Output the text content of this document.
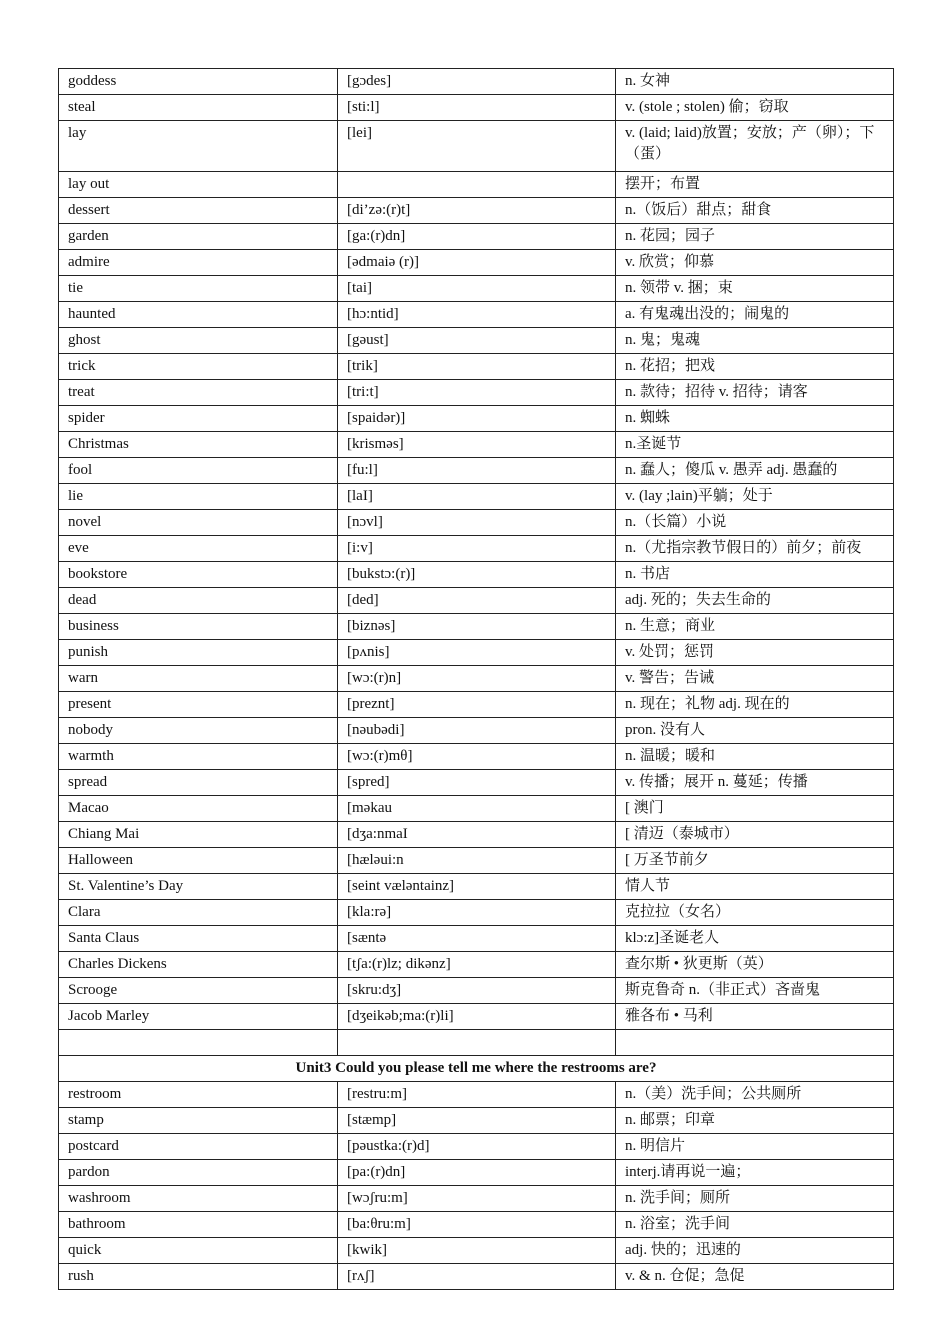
goddess	[gɔdes]	n. 女神
steal	[sti:l]	v. (stole ; stolen) 偷；窃取
lay	[lei]	v. (laid; laid)放置；安放；产（卵）；下（蛋）
lay out		摆开；布置
dessert	[di’zə:(r)t]	n.（饭后）甜点；甜食
garden	[ga:(r)dn]	n. 花园；园子
admire	[ədmaiə (r)]	v. 欣赏；仰慕
tie	[tai]	n. 领带 v. 捆；束
haunted	[hɔ:ntid]	a. 有鬼魂出没的；闹鬼的
ghost	[gəust]	n. 鬼；鬼魂
trick	[trik]	n. 花招；把戏
treat	[tri:t]	n. 款待；招待 v. 招待；请客
spider	[spaidər)]	n. 蜘蛛
Christmas	[krisməs]	n.圣诞节
fool	[fu:l]	n. 蠢人；傻瓜 v. 愚弄 adj. 愚蠢的
lie	[laI]	v. (lay ;lain)平躺；处于
novel	[nɔvl]	n.（长篇）小说
eve	[i:v]	n.（尤指宗教节假日的）前夕；前夜
bookstore	[bukstɔ:(r)]	n. 书店
dead	[ded]	adj. 死的；失去生命的
business	[biznəs]	n. 生意；商业
punish	[pʌnis]	v. 处罚；惩罚
warn	[wɔ:(r)n]	v. 警告；告诫
present	[preznt]	n. 现在；礼物 adj. 现在的
nobody	[nəubədi]	pron. 没有人
warmth	[wɔ:(r)mθ]	n. 温暖；暖和
spread	[spred]	v. 传播；展开 n. 蔓延；传播
Macao	[məkau	[ 澳门
Chiang Mai	[dʒa:nmaI	[ 清迈（泰城市）
Halloween	[hæləui:n	[ 万圣节前夕
St. Valentine’s Day	[seint vælәntainz]	情人节
Clara	[kla:rə]	克拉拉（女名）
Santa Claus	[sæntə	klɔ:z]圣诞老人
Charles Dickens	[tʃa:(r)lz; dikənz]	查尔斯 • 狄更斯（英）
Scrooge	[skru:dʒ]	斯克鲁奇 n.（非正式）吝啬鬼
Jacob Marley	[dʒeikәb;ma:(r)li]	雅各布 • 马利

Unit3 Could you please tell me where the restrooms are?		
restroom	[restru:m]	n.（美）洗手间；公共厕所
stamp	[stæmp]	n. 邮票；印章
postcard	[pəustka:(r)d]	n. 明信片
pardon	[pa:(r)dn]	interj.请再说一遍；
washroom	[wɔʃru:m]	n. 洗手间；厕所
bathroom	[ba:θru:m]	n. 浴室；洗手间
quick	[kwik]	adj. 快的；迅速的
rush	[rʌʃ]	v. & n. 仓促；急促
